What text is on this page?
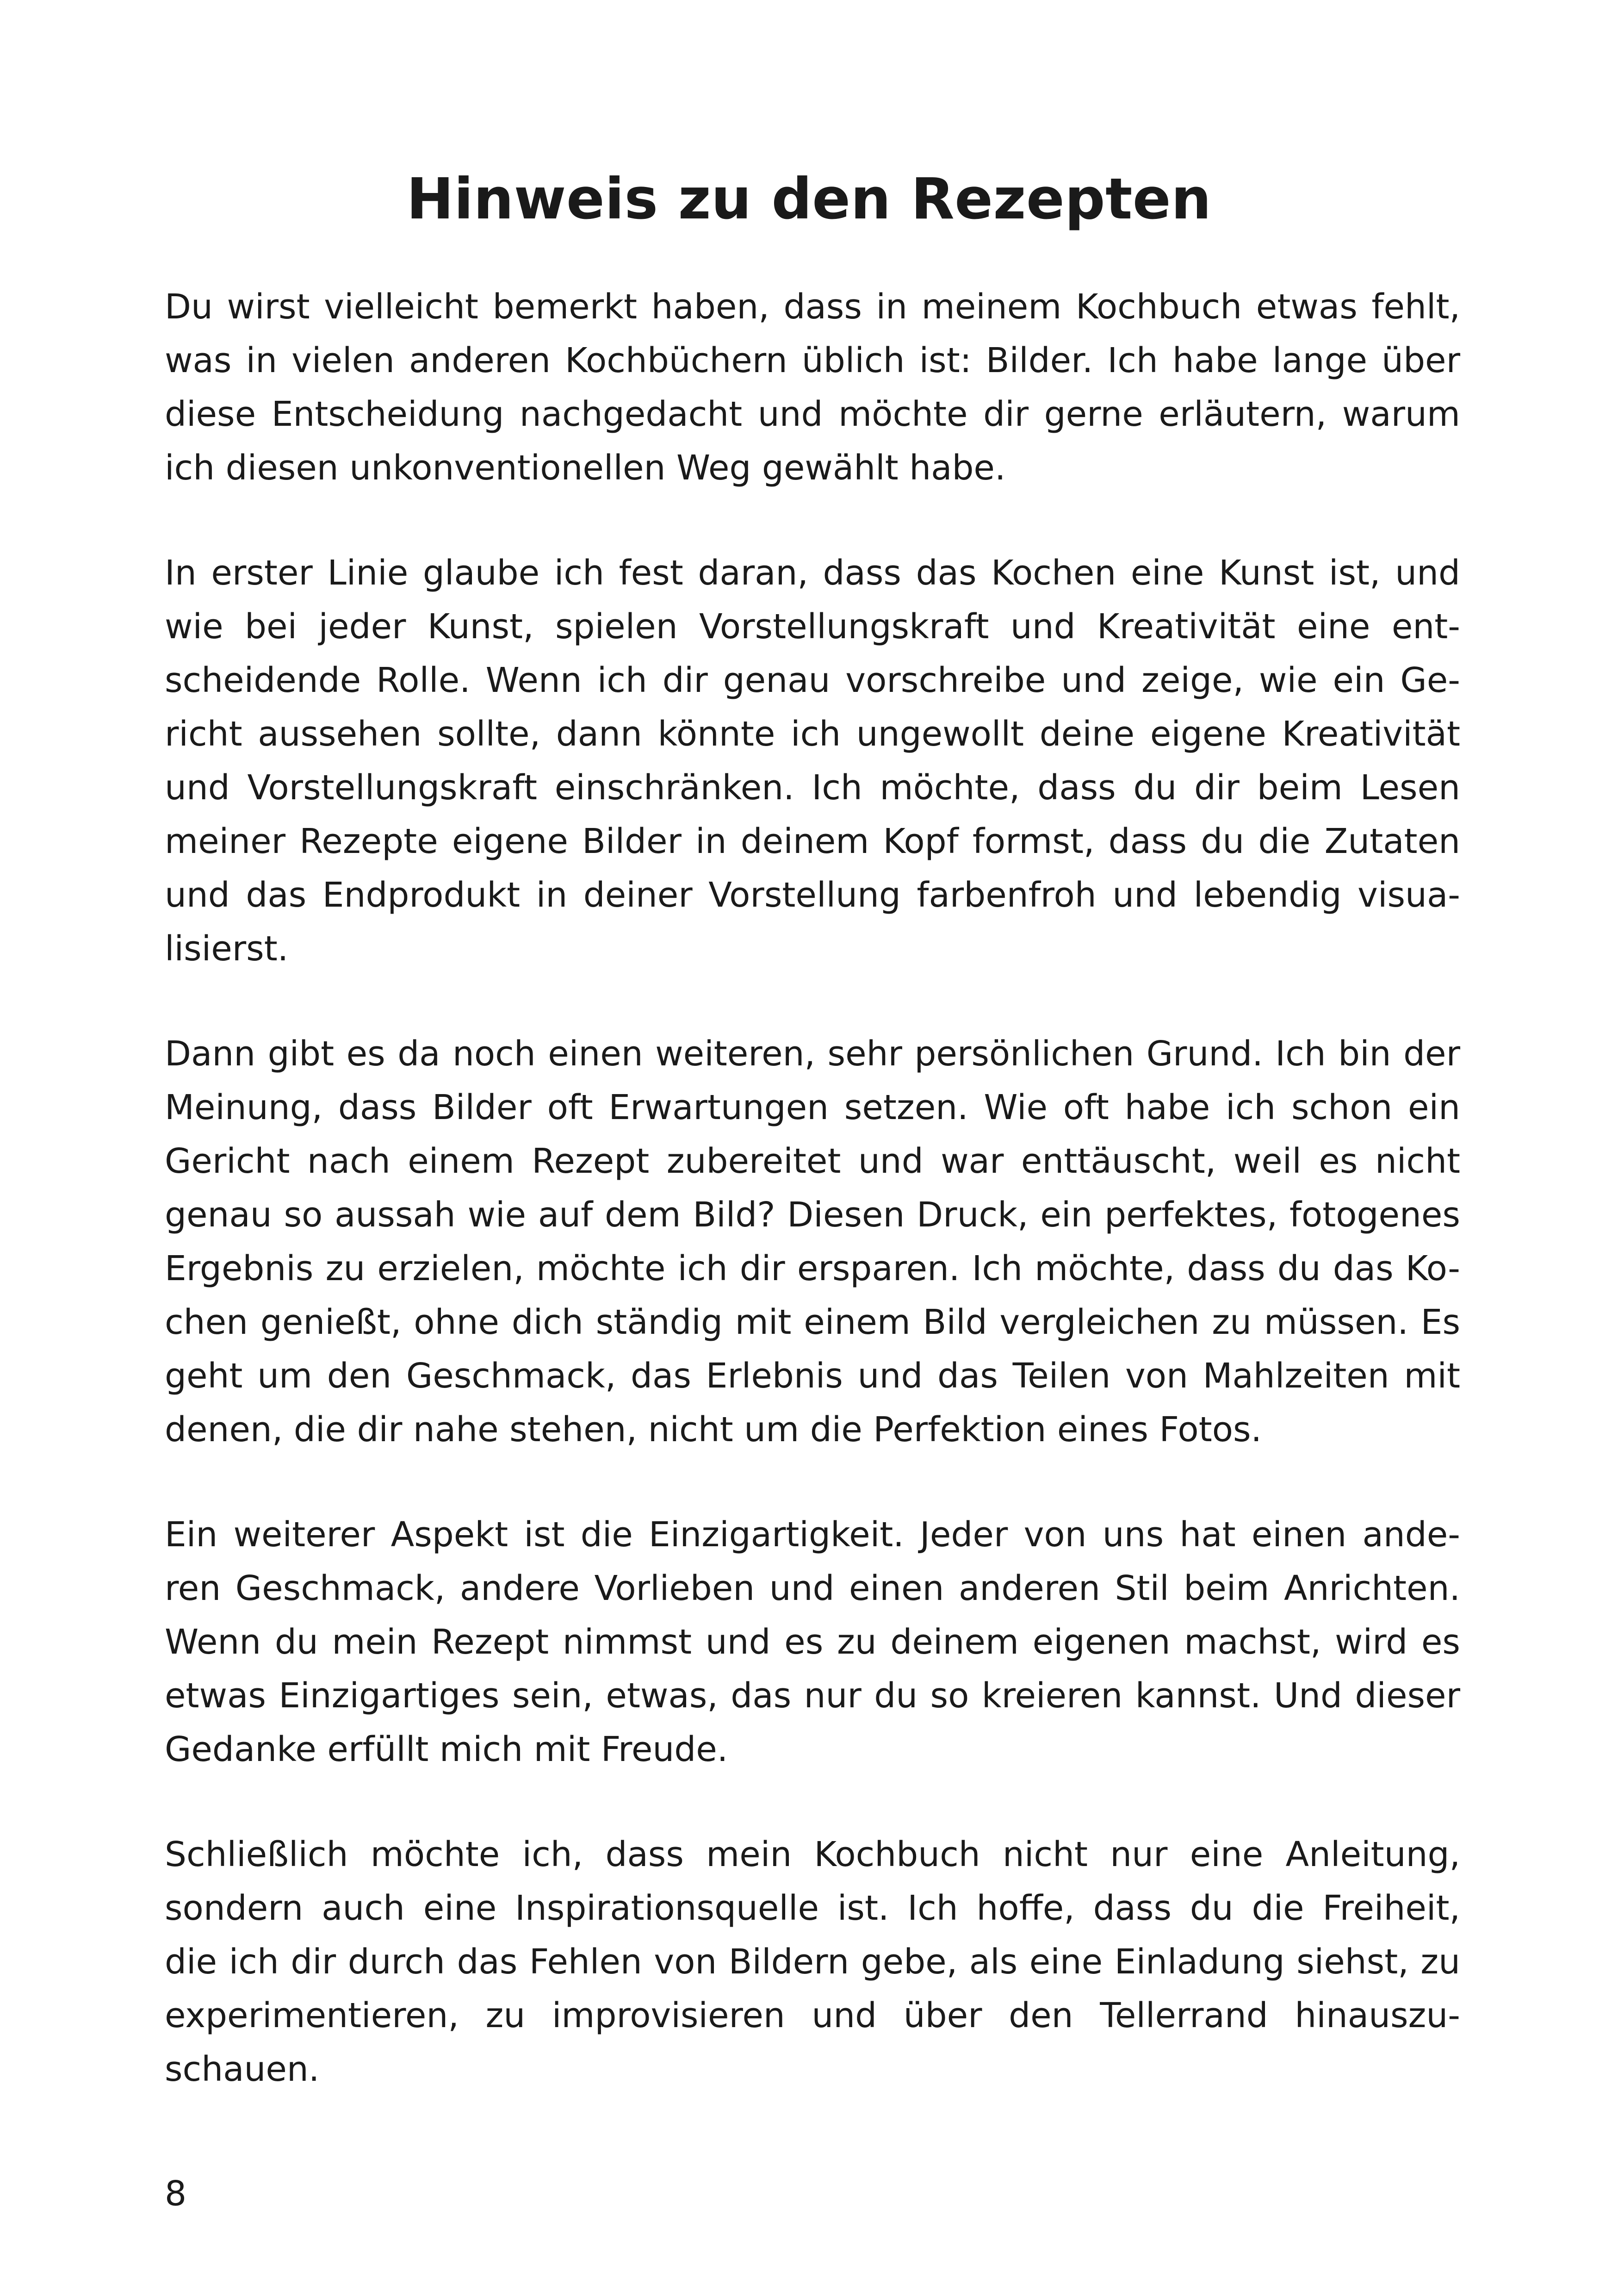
Hinweis zu den Rezepten

Du wirst vielleicht bemerkt haben, dass in meinem Kochbuch etwas fehlt,
was in vielen anderen Kochbüchern üblich ist: Bilder. Ich habe lange über
diese Entscheidung nachgedacht und möchte dir gerne erläutern, warum
ich diesen unkonventionellen Weg gewählt habe.

In erster Linie glaube ich fest daran, dass das Kochen eine Kunst ist, und
wie bei jeder Kunst, spielen Vorstellungskraft und Kreativität eine ent-
scheidende Rolle. Wenn ich dir genau vorschreibe und zeige, wie ein Ge-
richt aussehen sollte, dann könnte ich ungewollt deine eigene Kreativität
und Vorstellungskraft einschränken. Ich möchte, dass du dir beim Lesen
meiner Rezepte eigene Bilder in deinem Kopf formst, dass du die Zutaten
und das Endprodukt in deiner Vorstellung farbenfroh und lebendig visua-
lisierst.

Dann gibt es da noch einen weiteren, sehr persönlichen Grund. Ich bin der
Meinung, dass Bilder oft Erwartungen setzen. Wie oft habe ich schon ein
Gericht nach einem Rezept zubereitet und war enttäuscht, weil es nicht
genau so aussah wie auf dem Bild? Diesen Druck, ein perfektes, fotogenes
Ergebnis zu erzielen, möchte ich dir ersparen. Ich möchte, dass du das Ko-
chen genießt, ohne dich ständig mit einem Bild vergleichen zu müssen. Es
geht um den Geschmack, das Erlebnis und das Teilen von Mahlzeiten mit
denen, die dir nahe stehen, nicht um die Perfektion eines Fotos.

Ein weiterer Aspekt ist die Einzigartigkeit. Jeder von uns hat einen ande-
ren Geschmack, andere Vorlieben und einen anderen Stil beim Anrichten.
Wenn du mein Rezept nimmst und es zu deinem eigenen machst, wird es
etwas Einzigartiges sein, etwas, das nur du so kreieren kannst. Und dieser
Gedanke erfüllt mich mit Freude.

Schließlich möchte ich, dass mein Kochbuch nicht nur eine Anleitung,
sondern auch eine Inspirationsquelle ist. Ich hoffe, dass du die Freiheit,
die ich dir durch das Fehlen von Bildern gebe, als eine Einladung siehst, zu
experimentieren, zu improvisieren und über den Tellerrand hinauszu-
schauen.

8
